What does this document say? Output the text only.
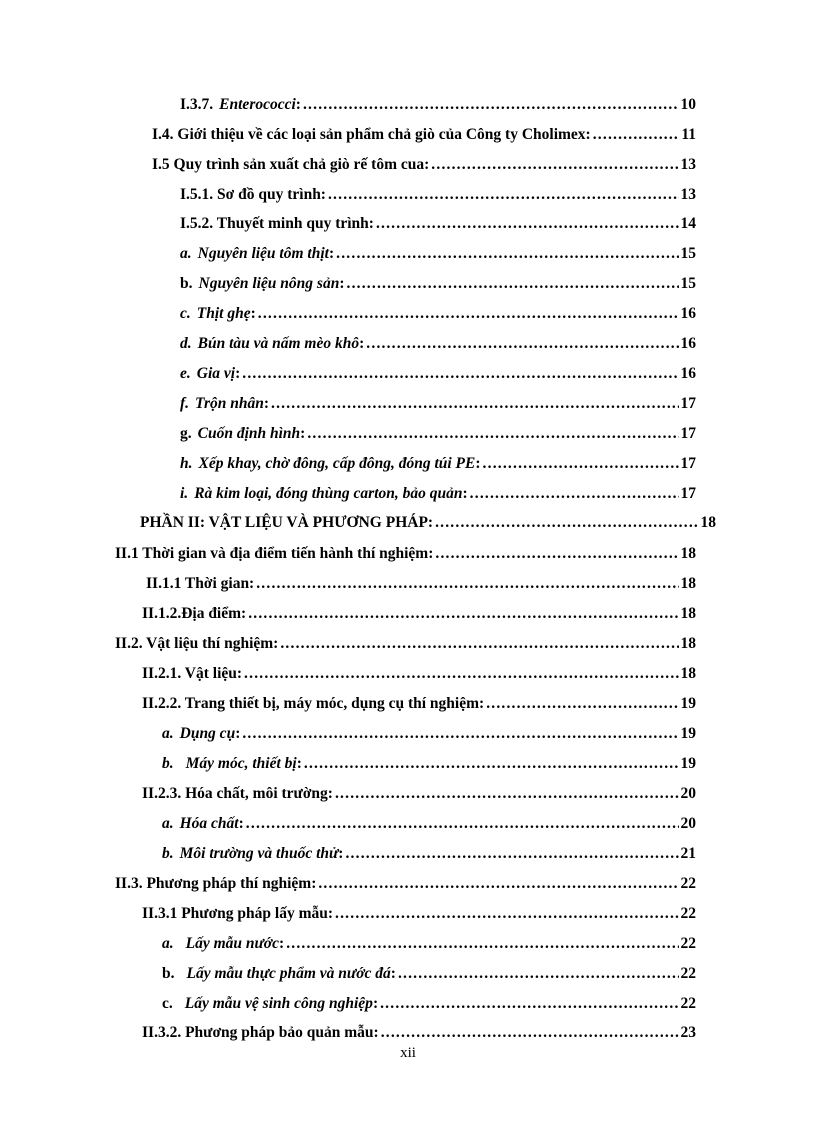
I.3.7. Enterococci: .....	10
I.4. Giới thiệu về các loại sản phẩm chả giò của Công ty Cholimex: .....	11
I.5 Quy trình sản xuất chả giò rế tôm cua: .....	13
I.5.1. Sơ đồ quy trình: .....	13
I.5.2. Thuyết minh quy trình: .....	14
a. Nguyên liệu tôm thịt: .....	15
b. Nguyên liệu nông sản: .....	15
c. Thịt ghẹ: .....	16
d. Bún tàu và nấm mèo khô: .....	16
e. Gia vị: .....	16
f. Trộn nhân: .....	17
g. Cuốn định hình: .....	17
h. Xếp khay, chờ đông, cấp đông, đóng túi PE: .....	17
i. Rà kim loại, đóng thùng carton, bảo quản: .....	17
PHẦN II: VẬT LIỆU VÀ PHƯƠNG PHÁP: .....	18
II.1 Thời gian và địa điểm tiến hành thí nghiệm: .....	18
II.1.1 Thời gian: .....	18
II.1.2.Địa điểm: .....	18
II.2. Vật liệu thí nghiệm: .....	18
II.2.1. Vật liệu: .....	18
II.2.2. Trang thiết bị, máy móc, dụng cụ thí nghiệm: .....	19
a. Dụng cụ: .....	19
b. Máy móc, thiết bị: .....	19
II.2.3. Hóa chất, môi trường: .....	20
a. Hóa chất: .....	20
b. Môi trường và thuốc thử: .....	21
II.3. Phương pháp thí nghiệm: .....	22
II.3.1 Phương pháp lấy mẫu: .....	22
a. Lấy mẫu nước: .....	22
b. Lấy mẫu thực phẩm và nước đá: .....	22
c. Lấy mẫu vệ sinh công nghiệp: .....	22
II.3.2. Phương pháp bảo quản mẫu: .....	23
xii
